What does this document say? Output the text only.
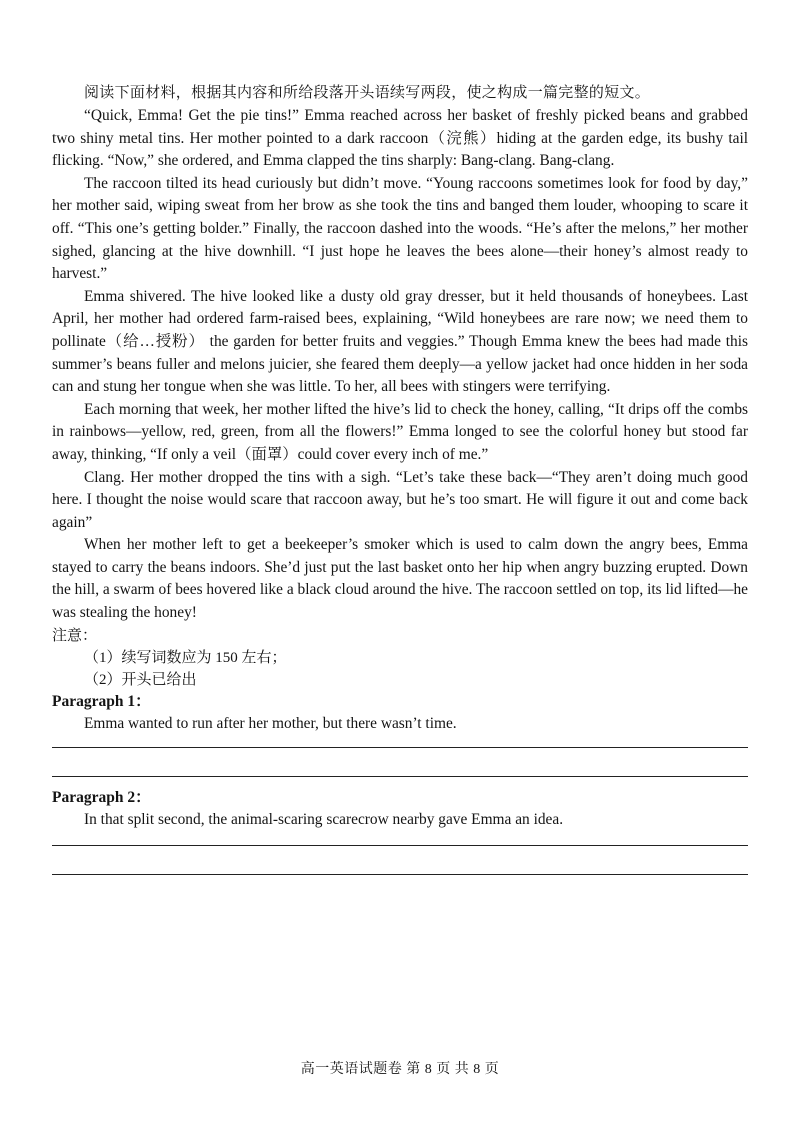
阅读下面材料，根据其内容和所给段落开头语续写两段，使之构成一篇完整的短文。

“Quick, Emma! Get the pie tins!” Emma reached across her basket of freshly picked beans and grabbed two shiny metal tins. Her mother pointed to a dark raccoon（浣熊）hiding at the garden edge, its bushy tail flicking. “Now,” she ordered, and Emma clapped the tins sharply: Bang-clang. Bang-clang.

The raccoon tilted its head curiously but didn’t move. “Young raccoons sometimes look for food by day,” her mother said, wiping sweat from her brow as she took the tins and banged them louder, whooping to scare it off. “This one’s getting bolder.” Finally, the raccoon dashed into the woods. “He’s after the melons,” her mother sighed, glancing at the hive downhill. “I just hope he leaves the bees alone—their honey’s almost ready to harvest.”

Emma shivered. The hive looked like a dusty old gray dresser, but it held thousands of honeybees. Last April, her mother had ordered farm-raised bees, explaining, “Wild honeybees are rare now; we need them to pollinate（给…授粉） the garden for better fruits and veggies.” Though Emma knew the bees had made this summer’s beans fuller and melons juicier, she feared them deeply—a yellow jacket had once hidden in her soda can and stung her tongue when she was little. To her, all bees with stingers were terrifying.

Each morning that week, her mother lifted the hive’s lid to check the honey, calling, “It drips off the combs in rainbows—yellow, red, green, from all the flowers!” Emma longed to see the colorful honey but stood far away, thinking, “If only a veil（面罩）could cover every inch of me.”

Clang. Her mother dropped the tins with a sigh. “Let’s take these back—“They aren’t doing much good here. I thought the noise would scare that raccoon away, but he’s too smart. He will figure it out and come back again”

When her mother left to get a beekeeper’s smoker which is used to calm down the angry bees, Emma stayed to carry the beans indoors. She’d just put the last basket onto her hip when angry buzzing erupted. Down the hill, a swarm of bees hovered like a black cloud around the hive. The raccoon settled on top, its lid lifted—he was stealing the honey!

注意：

（1）续写词数应为 150 左右；

（2）开头已给出

Paragraph 1：

Emma wanted to run after her mother, but there wasn’t time.

Paragraph 2：

In that split second, the animal-scaring scarecrow nearby gave Emma an idea.

高一英语试题卷 第 8 页 共 8 页
